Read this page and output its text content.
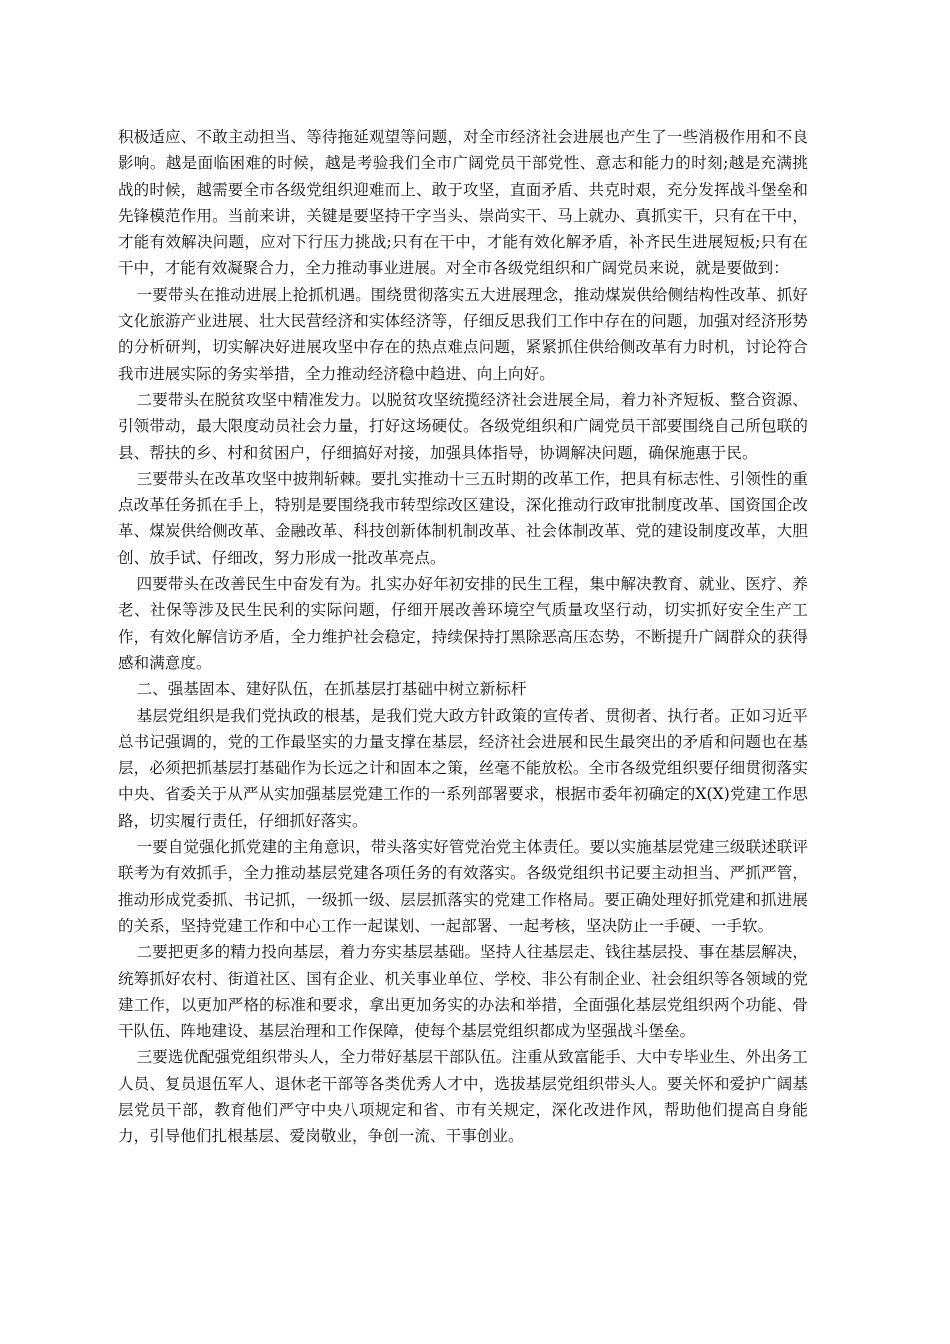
积极适应、不敢主动担当、等待拖延观望等问题，对全市经济社会进展也产生了一些消极作用和不良影响。越是面临困难的时候，越是考验我们全市广阔党员干部党性、意志和能力的时刻;越是充满挑战的时候，越需要全市各级党组织迎难而上、敢于攻坚，直面矛盾、共克时艰，充分发挥战斗堡垒和先锋模范作用。当前来讲，关键是要坚持干字当头、崇尚实干、马上就办、真抓实干，只有在干中，才能有效解决问题，应对下行压力挑战;只有在干中，才能有效化解矛盾，补齐民生进展短板;只有在干中，才能有效凝聚合力，全力推动事业进展。对全市各级党组织和广阔党员来说，就是要做到：

一要带头在推动进展上抢抓机遇。围绕贯彻落实五大进展理念，推动煤炭供给侧结构性改革、抓好文化旅游产业进展、壮大民营经济和实体经济等，仔细反思我们工作中存在的问题，加强对经济形势的分析研判，切实解决好进展攻坚中存在的热点难点问题，紧紧抓住供给侧改革有力时机，讨论符合我市进展实际的务实举措，全力推动经济稳中趋进、向上向好。

二要带头在脱贫攻坚中精准发力。以脱贫攻坚统揽经济社会进展全局，着力补齐短板、整合资源、引领带动，最大限度动员社会力量，打好这场硬仗。各级党组织和广阔党员干部要围绕自己所包联的县、帮扶的乡、村和贫困户，仔细搞好对接，加强具体指导，协调解决问题，确保施惠于民。

三要带头在改革攻坚中披荆斩棘。要扎实推动十三五时期的改革工作，把具有标志性、引领性的重点改革任务抓在手上，特别是要围绕我市转型综改区建设，深化推动行政审批制度改革、国资国企改革、煤炭供给侧改革、金融改革、科技创新体制机制改革、社会体制改革、党的建设制度改革，大胆创、放手试、仔细改，努力形成一批改革亮点。

四要带头在改善民生中奋发有为。扎实办好年初安排的民生工程，集中解决教育、就业、医疗、养老、社保等涉及民生民利的实际问题，仔细开展改善环境空气质量攻坚行动，切实抓好安全生产工作，有效化解信访矛盾，全力维护社会稳定，持续保持打黑除恶高压态势，不断提升广阔群众的获得感和满意度。

二、强基固本、建好队伍，在抓基层打基础中树立新标杆

基层党组织是我们党执政的根基，是我们党大政方针政策的宣传者、贯彻者、执行者。正如习近平总书记强调的，党的工作最坚实的力量支撑在基层，经济社会进展和民生最突出的矛盾和问题也在基层，必须把抓基层打基础作为长远之计和固本之策，丝毫不能放松。全市各级党组织要仔细贯彻落实中央、省委关于从严从实加强基层党建工作的一系列部署要求，根据市委年初确定的X(X)党建工作思路，切实履行责任，仔细抓好落实。

一要自觉强化抓党建的主角意识，带头落实好管党治党主体责任。要以实施基层党建三级联述联评联考为有效抓手，全力推动基层党建各项任务的有效落实。各级党组织书记要主动担当、严抓严管，推动形成党委抓、书记抓，一级抓一级、层层抓落实的党建工作格局。要正确处理好抓党建和抓进展的关系，坚持党建工作和中心工作一起谋划、一起部署、一起考核，坚决防止一手硬、一手软。

二要把更多的精力投向基层，着力夯实基层基础。坚持人往基层走、钱往基层投、事在基层解决，统筹抓好农村、街道社区、国有企业、机关事业单位、学校、非公有制企业、社会组织等各领域的党建工作，以更加严格的标准和要求，拿出更加务实的办法和举措，全面强化基层党组织两个功能、骨干队伍、阵地建设、基层治理和工作保障，使每个基层党组织都成为坚强战斗堡垒。

三要选优配强党组织带头人，全力带好基层干部队伍。注重从致富能手、大中专毕业生、外出务工人员、复员退伍军人、退休老干部等各类优秀人才中，选拔基层党组织带头人。要关怀和爱护广阔基层党员干部，教育他们严守中央八项规定和省、市有关规定，深化改进作风，帮助他们提高自身能力，引导他们扎根基层、爱岗敬业，争创一流、干事创业。
